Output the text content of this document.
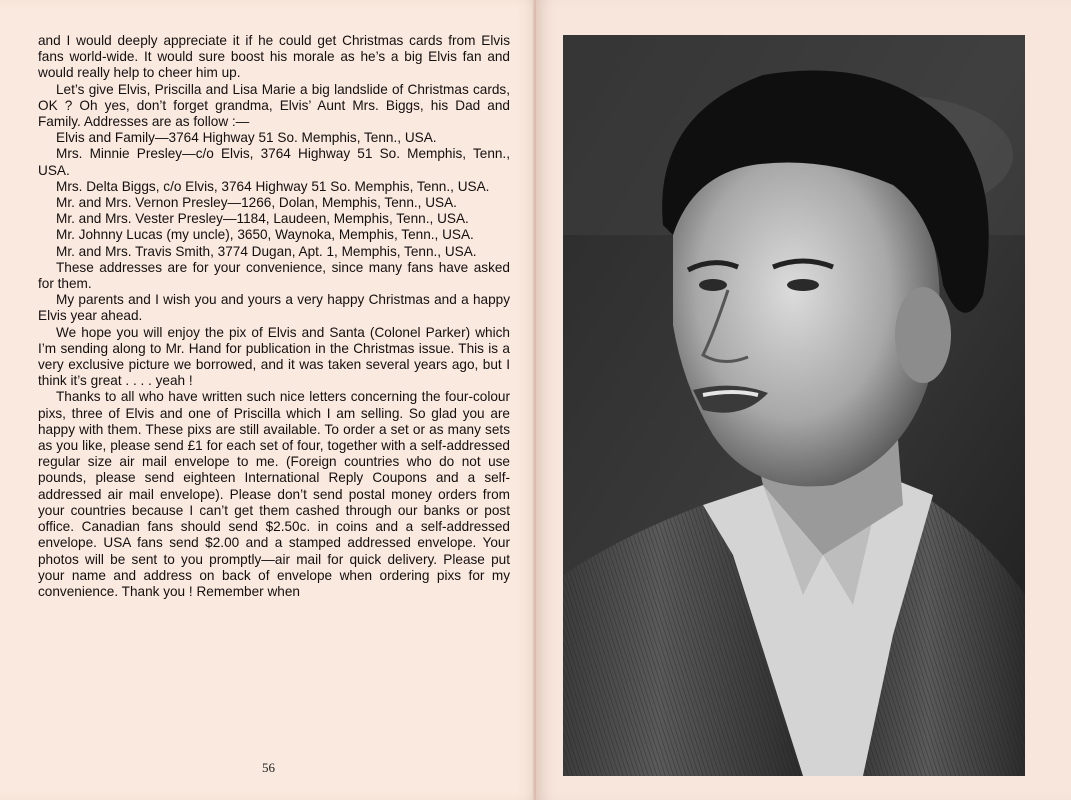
and I would deeply appreciate it if he could get Christmas cards from Elvis fans world-wide. It would sure boost his morale as he’s a big Elvis fan and would really help to cheer him up.

Let’s give Elvis, Priscilla and Lisa Marie a big landslide of Christmas cards, OK ? Oh yes, don’t forget grandma, Elvis’ Aunt Mrs. Biggs, his Dad and Family. Addresses are as follow :—

Elvis and Family—3764 Highway 51 So. Memphis, Tenn., USA.

Mrs. Minnie Presley—c/o Elvis, 3764 Highway 51 So. Memphis, Tenn., USA.

Mrs. Delta Biggs, c/o Elvis, 3764 Highway 51 So. Memphis, Tenn., USA.

Mr. and Mrs. Vernon Presley—1266, Dolan, Memphis, Tenn., USA.

Mr. and Mrs. Vester Presley—1184, Laudeen, Memphis, Tenn., USA.

Mr. Johnny Lucas (my uncle), 3650, Waynoka, Memphis, Tenn., USA.

Mr. and Mrs. Travis Smith, 3774 Dugan, Apt. 1, Memphis, Tenn., USA.

These addresses are for your convenience, since many fans have asked for them.

My parents and I wish you and yours a very happy Christmas and a happy Elvis year ahead.

We hope you will enjoy the pix of Elvis and Santa (Colonel Parker) which I’m sending along to Mr. Hand for publication in the Christmas issue. This is a very exclusive picture we borrowed, and it was taken several years ago, but I think it’s great . . . . yeah !

Thanks to all who have written such nice letters concerning the four-colour pixs, three of Elvis and one of Priscilla which I am selling. So glad you are happy with them. These pixs are still available. To order a set or as many sets as you like, please send £1 for each set of four, together with a self-addressed regular size air mail envelope to me. (Foreign countries who do not use pounds, please send eighteen International Reply Coupons and a self-addressed air mail envelope). Please don’t send postal money orders from your countries because I can’t get them cashed through our banks or post office. Canadian fans should send $2.50c. in coins and a self-addressed envelope. USA fans send $2.00 and a stamped addressed envelope. Your photos will be sent to you promptly—air mail for quick delivery. Please put your name and address on back of envelope when ordering pixs for my convenience. Thank you ! Remember when

56
